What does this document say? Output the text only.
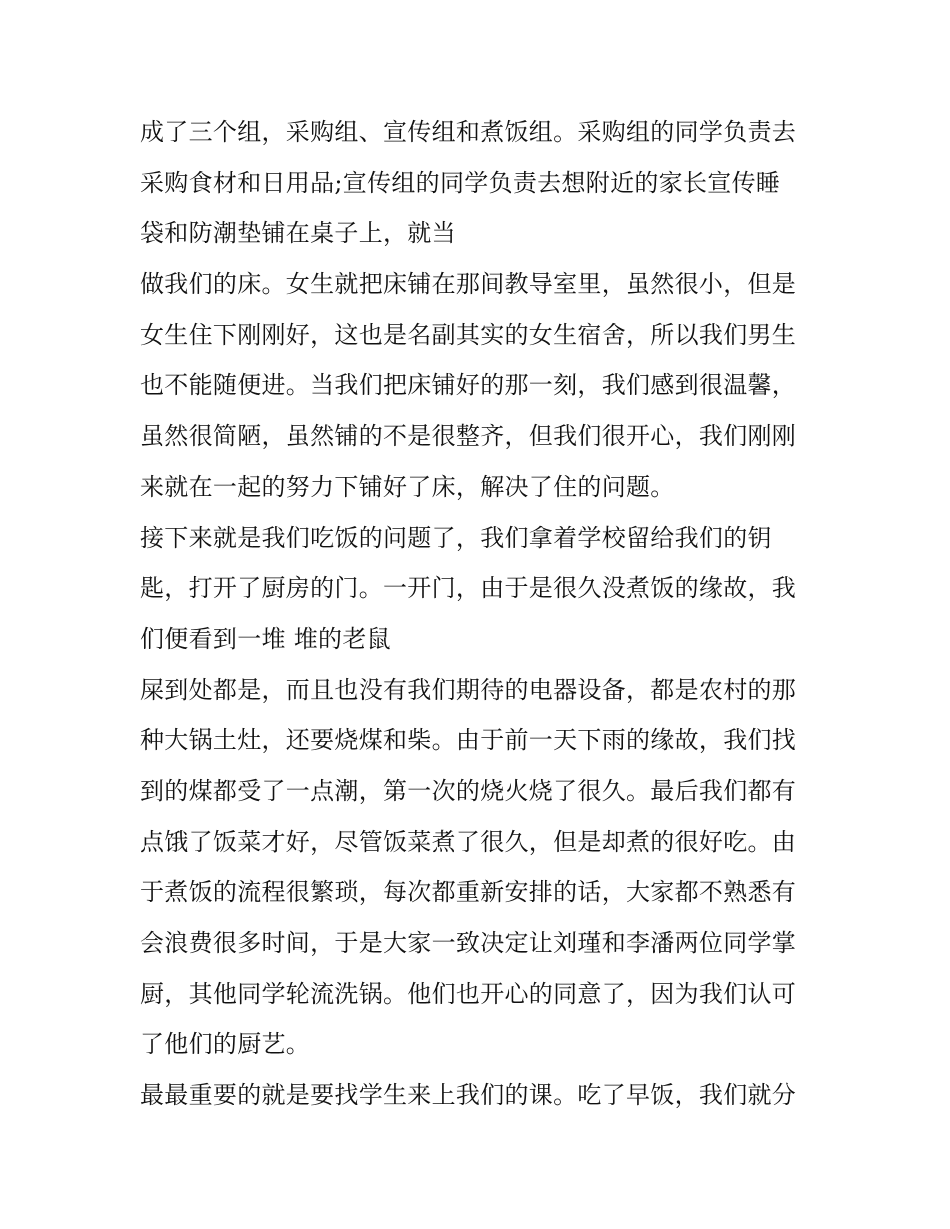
成了三个组，采购组、宣传组和煮饭组。采购组的同学负责去
采购食材和日用品;宣传组的同学负责去想附近的家长宣传睡
袋和防潮垫铺在桌子上，就当
做我们的床。女生就把床铺在那间教导室里，虽然很小，但是
女生住下刚刚好，这也是名副其实的女生宿舍，所以我们男生
也不能随便进。当我们把床铺好的那一刻，我们感到很温馨，
虽然很简陋，虽然铺的不是很整齐，但我们很开心，我们刚刚
来就在一起的努力下铺好了床，解决了住的问题。
接下来就是我们吃饭的问题了，我们拿着学校留给我们的钥
匙，打开了厨房的门。一开门，由于是很久没煮饭的缘故，我
们便看到一堆 堆的老鼠
屎到处都是，而且也没有我们期待的电器设备，都是农村的那
种大锅土灶，还要烧煤和柴。由于前一天下雨的缘故，我们找
到的煤都受了一点潮，第一次的烧火烧了很久。最后我们都有
点饿了饭菜才好，尽管饭菜煮了很久，但是却煮的很好吃。由
于煮饭的流程很繁琐，每次都重新安排的话，大家都不熟悉有
会浪费很多时间，于是大家一致决定让刘瑾和李潘两位同学掌
厨，其他同学轮流洗锅。他们也开心的同意了，因为我们认可
了他们的厨艺。
最最重要的就是要找学生来上我们的课。吃了早饭，我们就分
